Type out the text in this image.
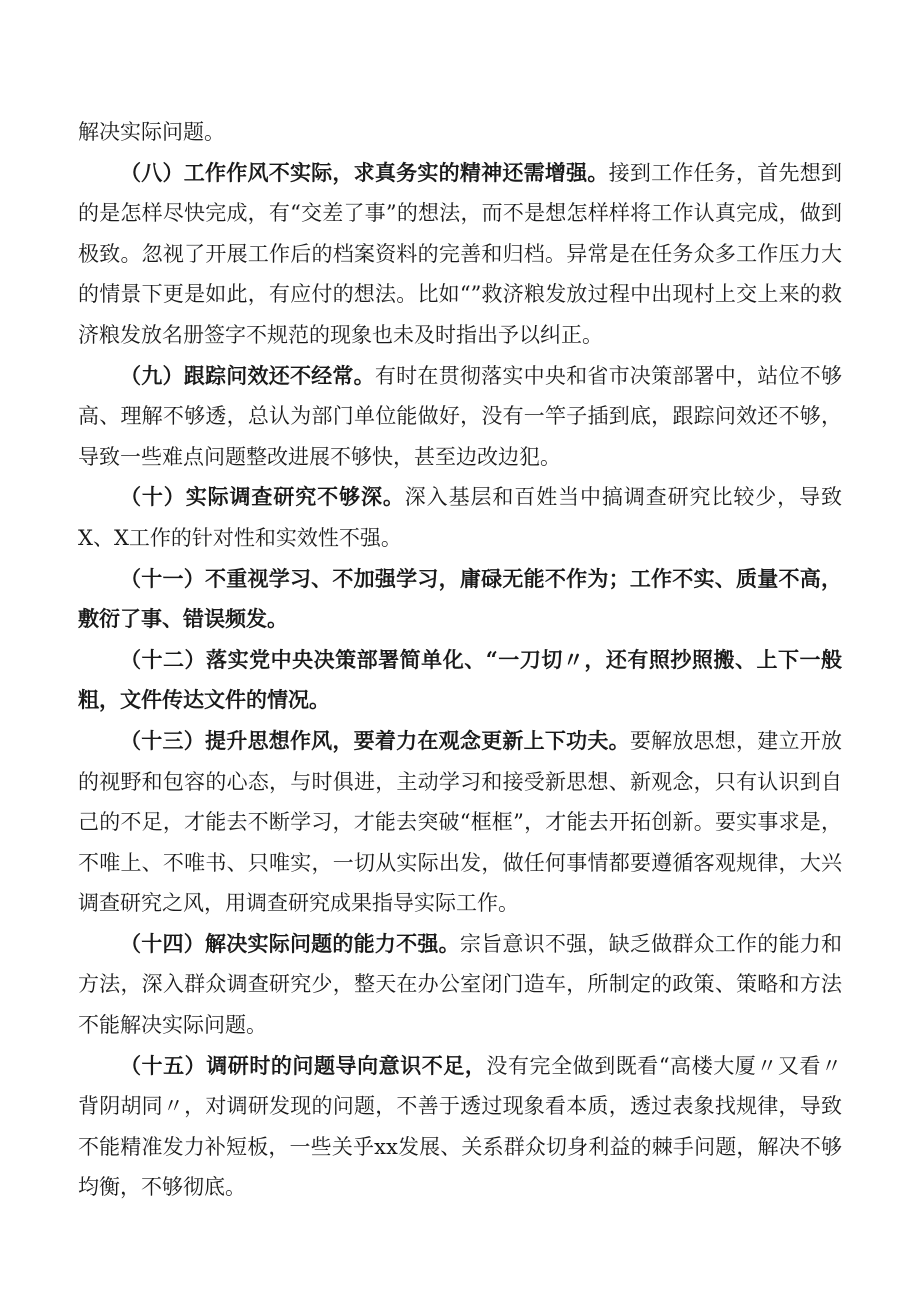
解决实际问题。

（八）工作作风不实际，求真务实的精神还需增强。接到工作任务，首先想到的是怎样尽快完成，有“交差了事”的想法，而不是想怎样样将工作认真完成，做到极致。忽视了开展工作后的档案资料的完善和归档。异常是在任务众多工作压力大的情景下更是如此，有应付的想法。比如“”救济粮发放过程中出现村上交上来的救济粮发放名册签字不规范的现象也未及时指出予以纠正。

（九）跟踪问效还不经常。有时在贯彻落实中央和省市决策部署中，站位不够高、理解不够透，总认为部门单位能做好，没有一竿子插到底，跟踪问效还不够，导致一些难点问题整改进展不够快，甚至边改边犯。

（十）实际调查研究不够深。深入基层和百姓当中搞调查研究比较少，导致X、X工作的针对性和实效性不强。

（十一）不重视学习、不加强学习，庸碌无能不作为；工作不实、质量不高，敷衍了事、错误频发。

（十二）落实党中央决策部署简单化、“一刀切〃，还有照抄照搬、上下一般粗，文件传达文件的情况。

（十三）提升思想作风，要着力在观念更新上下功夫。要解放思想，建立开放的视野和包容的心态，与时俱进，主动学习和接受新思想、新观念，只有认识到自己的不足，才能去不断学习，才能去突破“框框”，才能去开拓创新。要实事求是，不唯上、不唯书、只唯实，一切从实际出发，做任何事情都要遵循客观规律，大兴调查研究之风，用调查研究成果指导实际工作。

（十四）解决实际问题的能力不强。宗旨意识不强，缺乏做群众工作的能力和方法，深入群众调查研究少，整天在办公室闭门造车，所制定的政策、策略和方法不能解决实际问题。

（十五）调研时的问题导向意识不足，没有完全做到既看“高楼大厦〃又看〃背阴胡同〃，对调研发现的问题，不善于透过现象看本质，透过表象找规律，导致不能精准发力补短板，一些关乎xx发展、关系群众切身利益的棘手问题，解决不够均衡，不够彻底。
